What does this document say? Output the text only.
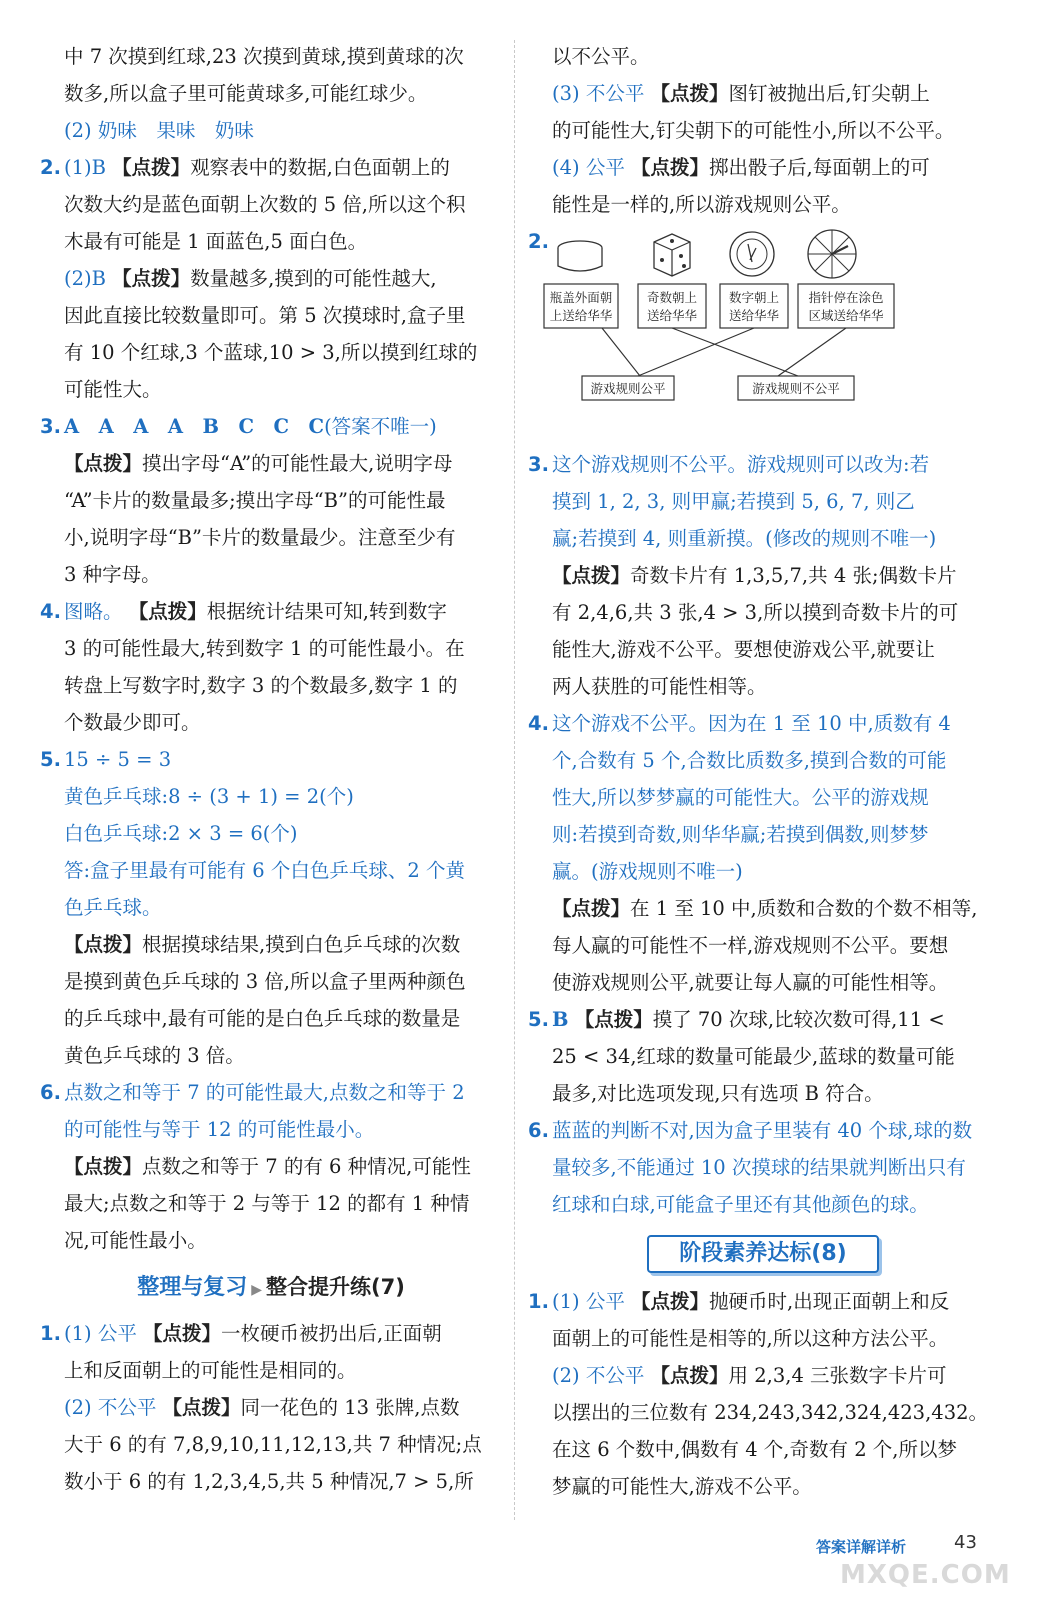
中 7 次摸到红球,23 次摸到黄球,摸到黄球的次

数多,所以盒子里可能黄球多,可能红球少。

(2) 奶味　果味　奶味

2. (1)B 【点拨】观察表中的数据,白色面朝上的

次数大约是蓝色面朝上次数的 5 倍,所以这个积

木最有可能是 1 面蓝色,5 面白色。

(2)B 【点拨】数量越多,摸到的可能性越大,

因此直接比较数量即可。第 5 次摸球时,盒子里

有 10 个红球,3 个蓝球,10 > 3,所以摸到红球的

可能性大。

3. A　A　A　A　B　C　C　C(答案不唯一)

【点拨】摸出字母“A”的可能性最大,说明字母

“A”卡片的数量最多;摸出字母“B”的可能性最

小,说明字母“B”卡片的数量最少。注意至少有

3 种字母。

4. 图略。 【点拨】根据统计结果可知,转到数字

3 的可能性最大,转到数字 1 的可能性最小。在

转盘上写数字时,数字 3 的个数最多,数字 1 的

个数最少即可。

5. 15 ÷ 5 = 3

黄色乒乓球:8 ÷ (3 + 1) = 2(个)

白色乒乓球:2 × 3 = 6(个)

答:盒子里最有可能有 6 个白色乒乓球、2 个黄

色乒乓球。

【点拨】根据摸球结果,摸到白色乒乓球的次数

是摸到黄色乒乓球的 3 倍,所以盒子里两种颜色

的乒乓球中,最有可能的是白色乒乓球的数量是

黄色乒乓球的 3 倍。

6. 点数之和等于 7 的可能性最大,点数之和等于 2

的可能性与等于 12 的可能性最小。

【点拨】点数之和等于 7 的有 6 种情况,可能性

最大;点数之和等于 2 与等于 12 的都有 1 种情

况,可能性最小。

整理与复习 ▶ 整合提升练(7)

1. (1) 公平 【点拨】一枚硬币被扔出后,正面朝

上和反面朝上的可能性是相同的。

(2) 不公平 【点拨】同一花色的 13 张牌,点数

大于 6 的有 7,8,9,10,11,12,13,共 7 种情况;点

数小于 6 的有 1,2,3,4,5,共 5 种情况,7 > 5,所

以不公平。

(3) 不公平 【点拨】图钉被抛出后,钉尖朝上

的可能性大,钉尖朝下的可能性小,所以不公平。

(4) 公平 【点拨】掷出骰子后,每面朝上的可

能性是一样的,所以游戏规则公平。

2.

瓶盖外面朝上送给华华
奇数朝上送给华华
数字朝上送给华华
指针停在涂色区域送给华华
游戏规则公平	游戏规则不公平

3. 这个游戏规则不公平。游戏规则可以改为:若

摸到 1, 2, 3, 则甲赢;若摸到 5, 6, 7, 则乙

赢;若摸到 4, 则重新摸。(修改的规则不唯一)

【点拨】奇数卡片有 1,3,5,7,共 4 张;偶数卡片

有 2,4,6,共 3 张,4 > 3,所以摸到奇数卡片的可

能性大,游戏不公平。要想使游戏公平,就要让

两人获胜的可能性相等。

4. 这个游戏不公平。因为在 1 至 10 中,质数有 4

个,合数有 5 个,合数比质数多,摸到合数的可能

性大,所以梦梦赢的可能性大。公平的游戏规

则:若摸到奇数,则华华赢;若摸到偶数,则梦梦

赢。(游戏规则不唯一)

【点拨】在 1 至 10 中,质数和合数的个数不相等,

每人赢的可能性不一样,游戏规则不公平。要想

使游戏规则公平,就要让每人赢的可能性相等。

5. B 【点拨】摸了 70 次球,比较次数可得,11 <

25 < 34,红球的数量可能最少,蓝球的数量可能

最多,对比选项发现,只有选项 B 符合。

6. 蓝蓝的判断不对,因为盒子里装有 40 个球,球的数

量较多,不能通过 10 次摸球的结果就判断出只有

红球和白球,可能盒子里还有其他颜色的球。

阶段素养达标(8)

1. (1) 公平 【点拨】抛硬币时,出现正面朝上和反

面朝上的可能性是相等的,所以这种方法公平。

(2) 不公平 【点拨】用 2,3,4 三张数字卡片可

以摆出的三位数有 234,243,342,324,423,432。

在这 6 个数中,偶数有 4 个,奇数有 2 个,所以梦

梦赢的可能性大,游戏不公平。

答案详解详析	43
MXQE.COM
